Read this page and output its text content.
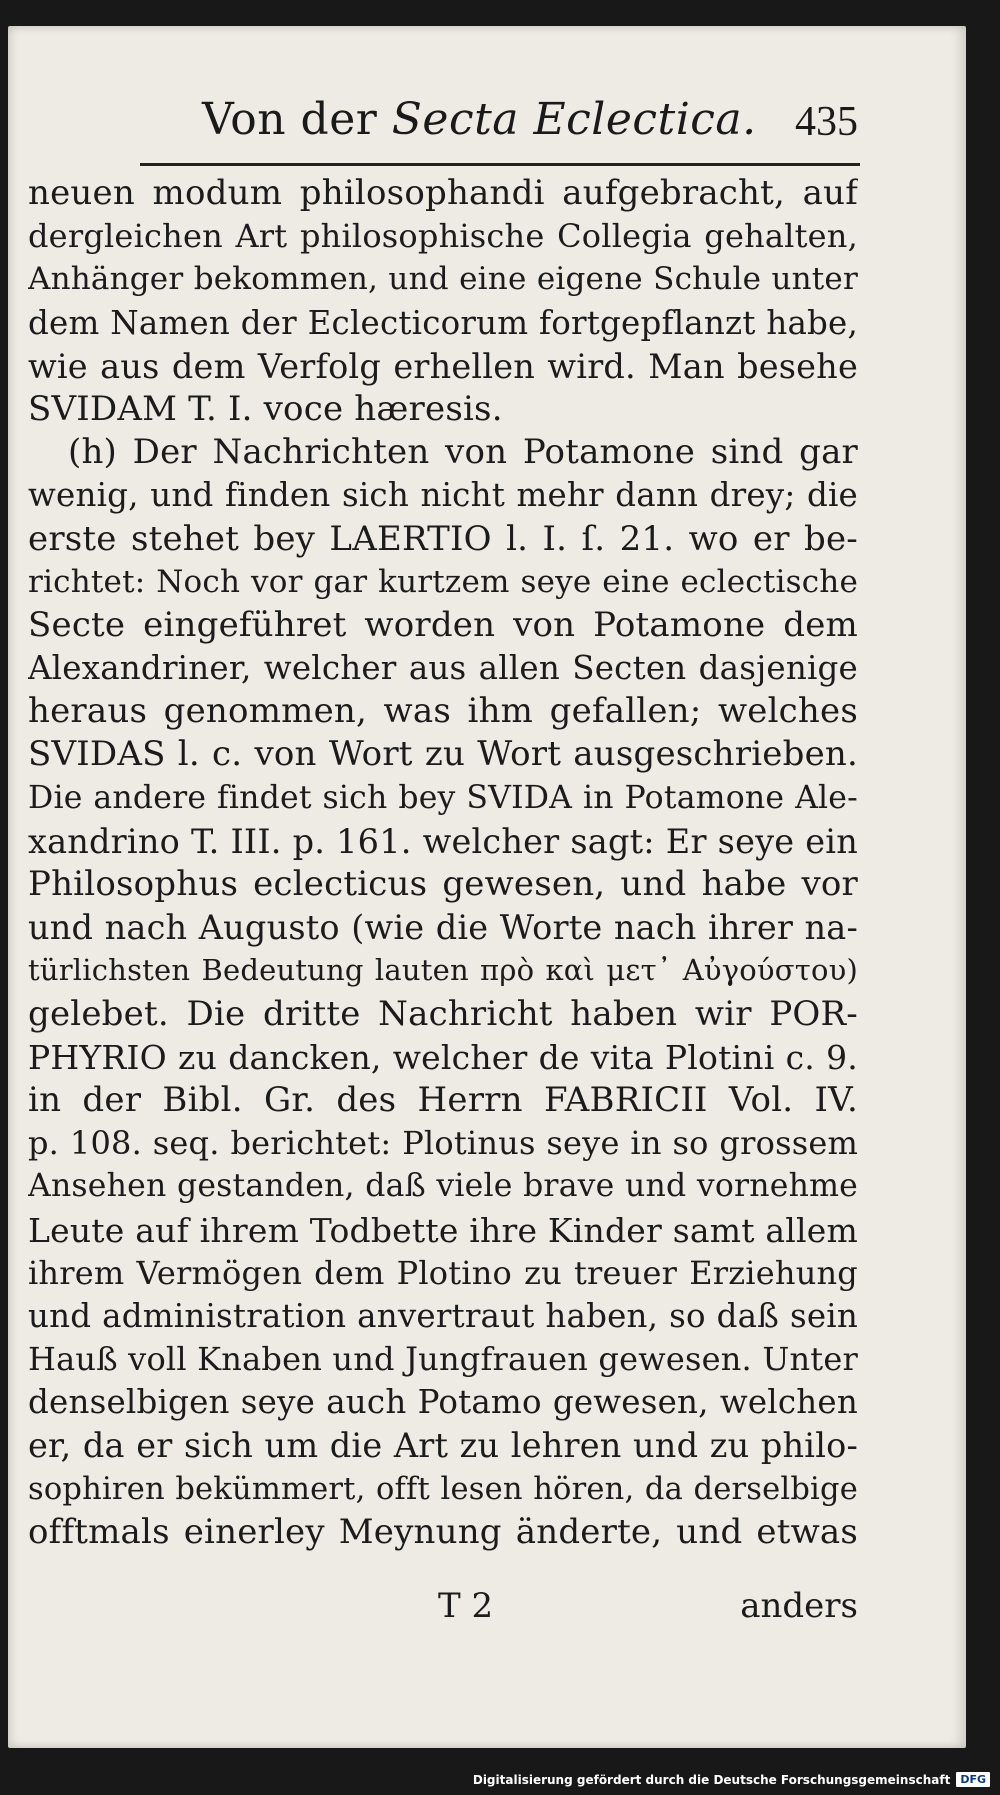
Von der Secta Eclectica. 435
neuen modum philosophandi aufgebracht, auf
dergleichen Art philosophische Collegia gehalten,
Anhänger bekommen, und eine eigene Schule unter
dem Namen der Eclecticorum fortgepflanzt habe,
wie aus dem Verfolg erhellen wird. Man besehe
SVIDAM T. I. voce hæresis.
(h) Der Nachrichten von Potamone sind gar
wenig, und finden sich nicht mehr dann drey; die
erste stehet bey LAERTIO l. I. ſ. 21. wo er be-
richtet: Noch vor gar kurtzem seye eine eclectische
Secte eingeführet worden von Potamone dem
Alexandriner, welcher aus allen Secten dasjenige
heraus genommen, was ihm gefallen; welches
SVIDAS l. c. von Wort zu Wort ausgeschrieben.
Die andere findet sich bey SVIDA in Potamone Ale-
xandrino T. III. p. 161. welcher sagt: Er seye ein
Philosophus eclecticus gewesen, und habe vor
und nach Augusto (wie die Worte nach ihrer na-
türlichsten Bedeutung lauten πρὸ καὶ μετ᾽ Αὐγούστου)
gelebet. Die dritte Nachricht haben wir POR-
PHYRIO zu dancken, welcher de vita Plotini c. 9.
in der Bibl. Gr. des Herrn FABRICII Vol. IV.
p. 108. seq. berichtet: Plotinus seye in so grossem
Ansehen gestanden, daß viele brave und vornehme
Leute auf ihrem Todbette ihre Kinder samt allem
ihrem Vermögen dem Plotino zu treuer Erziehung
und administration anvertraut haben, so daß sein
Hauß voll Knaben und Jungfrauen gewesen. Unter
denselbigen seye auch Potamo gewesen, welchen
er, da er sich um die Art zu lehren und zu philo-
sophiren bekümmert, offt lesen hören, da derselbige
offtmals einerley Meynung änderte, und etwas
T 2	anders
Digitalisierung gefördert durch die Deutsche Forschungsgemeinschaft DFG
